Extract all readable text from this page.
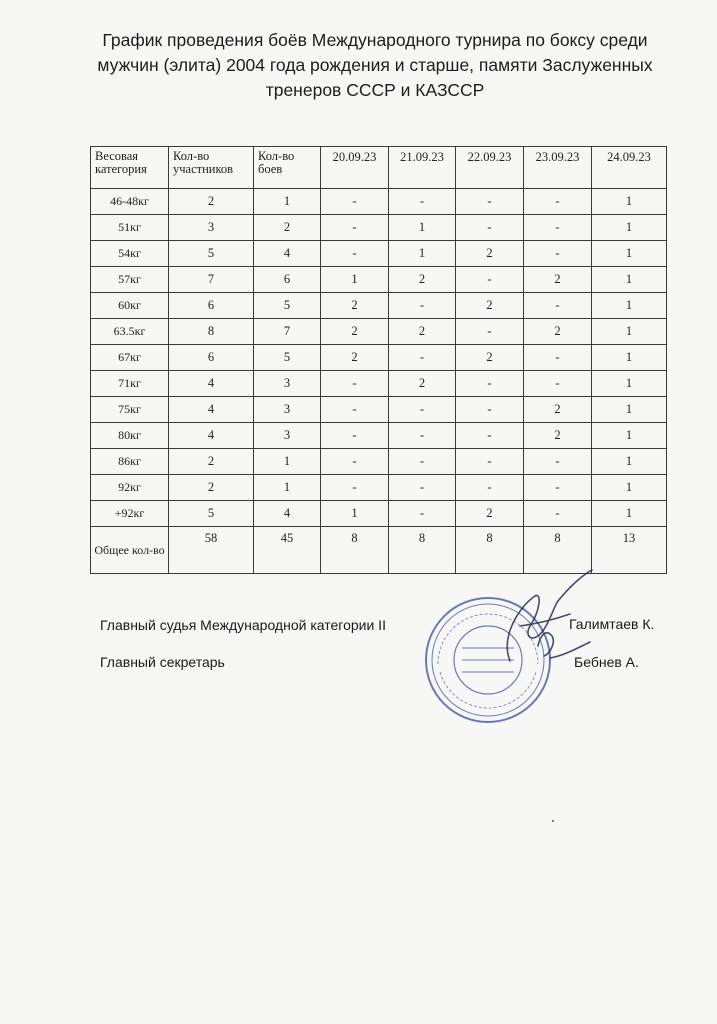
График проведения боёв Международного турнира по боксу среди
мужчин (элита) 2004 года рождения и старше, памяти Заслуженных
тренеров СССР и КАЗССР
Весовая категория	Кол-во участников	Кол-во боев	20.09.23	21.09.23	22.09.23	23.09.23	24.09.23
46-48кг	2	1	-	-	-	-	1
51кг	3	2	-	1	-	-	1
54кг	5	4	-	1	2	-	1
57кг	7	6	1	2	-	2	1
60кг	6	5	2	-	2	-	1
63.5кг	8	7	2	2	-	2	1
67кг	6	5	2	-	2	-	1
71кг	4	3	-	2	-	-	1
75кг	4	3	-	-	-	2	1
80кг	4	3	-	-	-	2	1
86кг	2	1	-	-	-	-	1
92кг	2	1	-	-	-	-	1
+92кг	5	4	1	-	2	-	1
Общее кол-во	58	45	8	8	8	8	13
Главный судья Международной категории ІІ	Галимтаев К.
Главный секретарь	Бебнев А.
